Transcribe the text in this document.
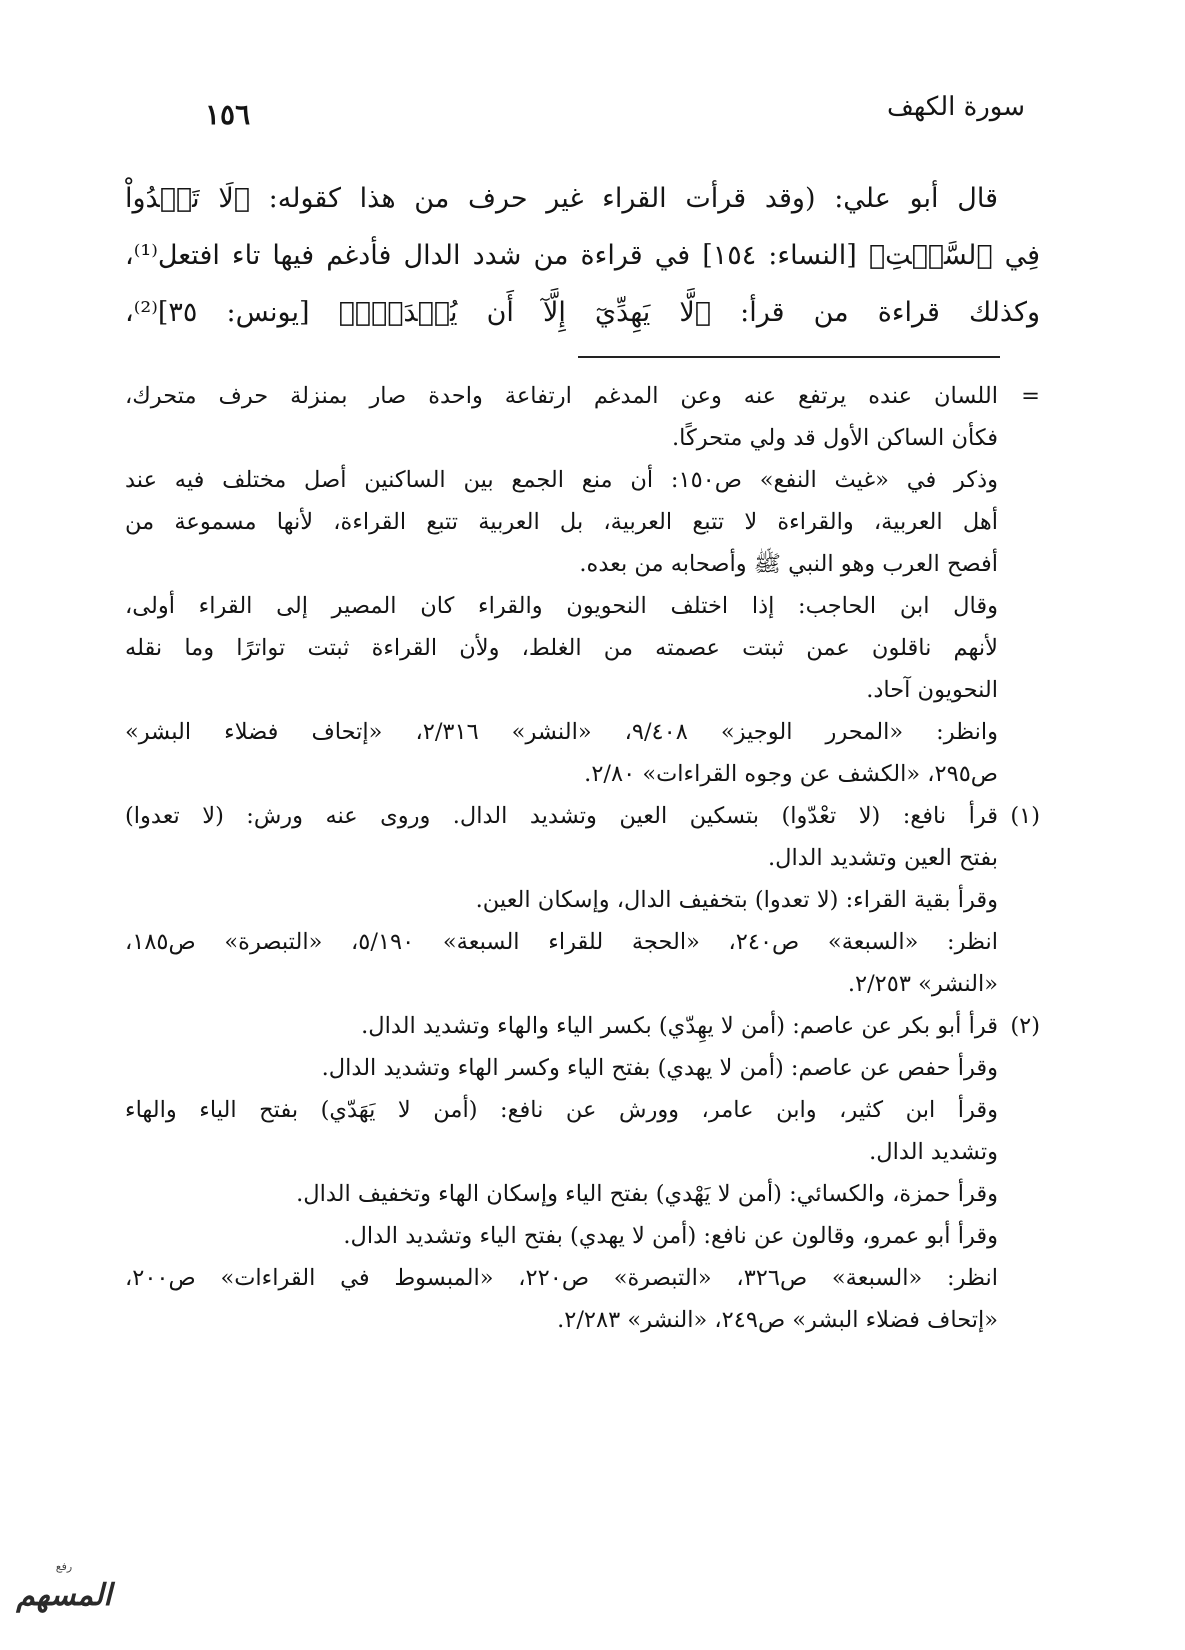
سورة الكهف
١٥٦
قال أبو علي: (وقد قرأت القراء غير حرف من هذا كقوله: ﴿لَا تَعۡدُواْ
فِي ٱلسَّبۡتِ﴾ [النساء: ١٥٤] في قراءة من شدد الدال فأدغم فيها تاء افتعل⁽¹⁾،
وكذلك قراءة من قرأ: ﴿لَّا يَهِدِّيٓ إِلَّآ أَن يُهۡدَىٰۚ﴾ [يونس: ٣٥]⁽²⁾،
=
اللسان عنده يرتفع عنه وعن المدغم ارتفاعة واحدة صار بمنزلة حرف متحرك،
فكأن الساكن الأول قد ولي متحركًا.
وذكر في «غيث النفع» ص١٥٠: أن منع الجمع بين الساكنين أصل مختلف فيه عند
أهل العربية، والقراءة لا تتبع العربية، بل العربية تتبع القراءة، لأنها مسموعة من
أفصح العرب وهو النبي ﷺ وأصحابه من بعده.
وقال ابن الحاجب: إذا اختلف النحويون والقراء كان المصير إلى القراء أولى،
لأنهم ناقلون عمن ثبتت عصمته من الغلط، ولأن القراءة ثبتت تواترًا وما نقله
النحويون آحاد.
وانظر: «المحرر الوجيز» ٩/٤٠٨، «النشر» ٢/٣١٦، «إتحاف فضلاء البشر»
ص٢٩٥، «الكشف عن وجوه القراءات» ٢/٨٠.
(١)
قرأ نافع: (لا تعْدّوا) بتسكين العين وتشديد الدال. وروى عنه ورش: (لا تعدوا)
بفتح العين وتشديد الدال.
وقرأ بقية القراء: (لا تعدوا) بتخفيف الدال، وإسكان العين.
انظر: «السبعة» ص٢٤٠، «الحجة للقراء السبعة» ٥/١٩٠، «التبصرة» ص١٨٥،
«النشر» ٢/٢٥٣.
(٢)
قرأ أبو بكر عن عاصم: (أمن لا يهِدّي) بكسر الياء والهاء وتشديد الدال.
وقرأ حفص عن عاصم: (أمن لا يهدي) بفتح الياء وكسر الهاء وتشديد الدال.
وقرأ ابن كثير، وابن عامر، وورش عن نافع: (أمن لا يَهَدّي) بفتح الياء والهاء
وتشديد الدال.
وقرأ حمزة، والكسائي: (أمن لا يَهْدي) بفتح الياء وإسكان الهاء وتخفيف الدال.
وقرأ أبو عمرو، وقالون عن نافع: (أمن لا يهدي) بفتح الياء وتشديد الدال.
انظر: «السبعة» ص٣٢٦، «التبصرة» ص٢٢٠، «المبسوط في القراءات» ص٢٠٠،
«إتحاف فضلاء البشر» ص٢٤٩، «النشر» ٢/٢٨٣.
رفع
المسهم
